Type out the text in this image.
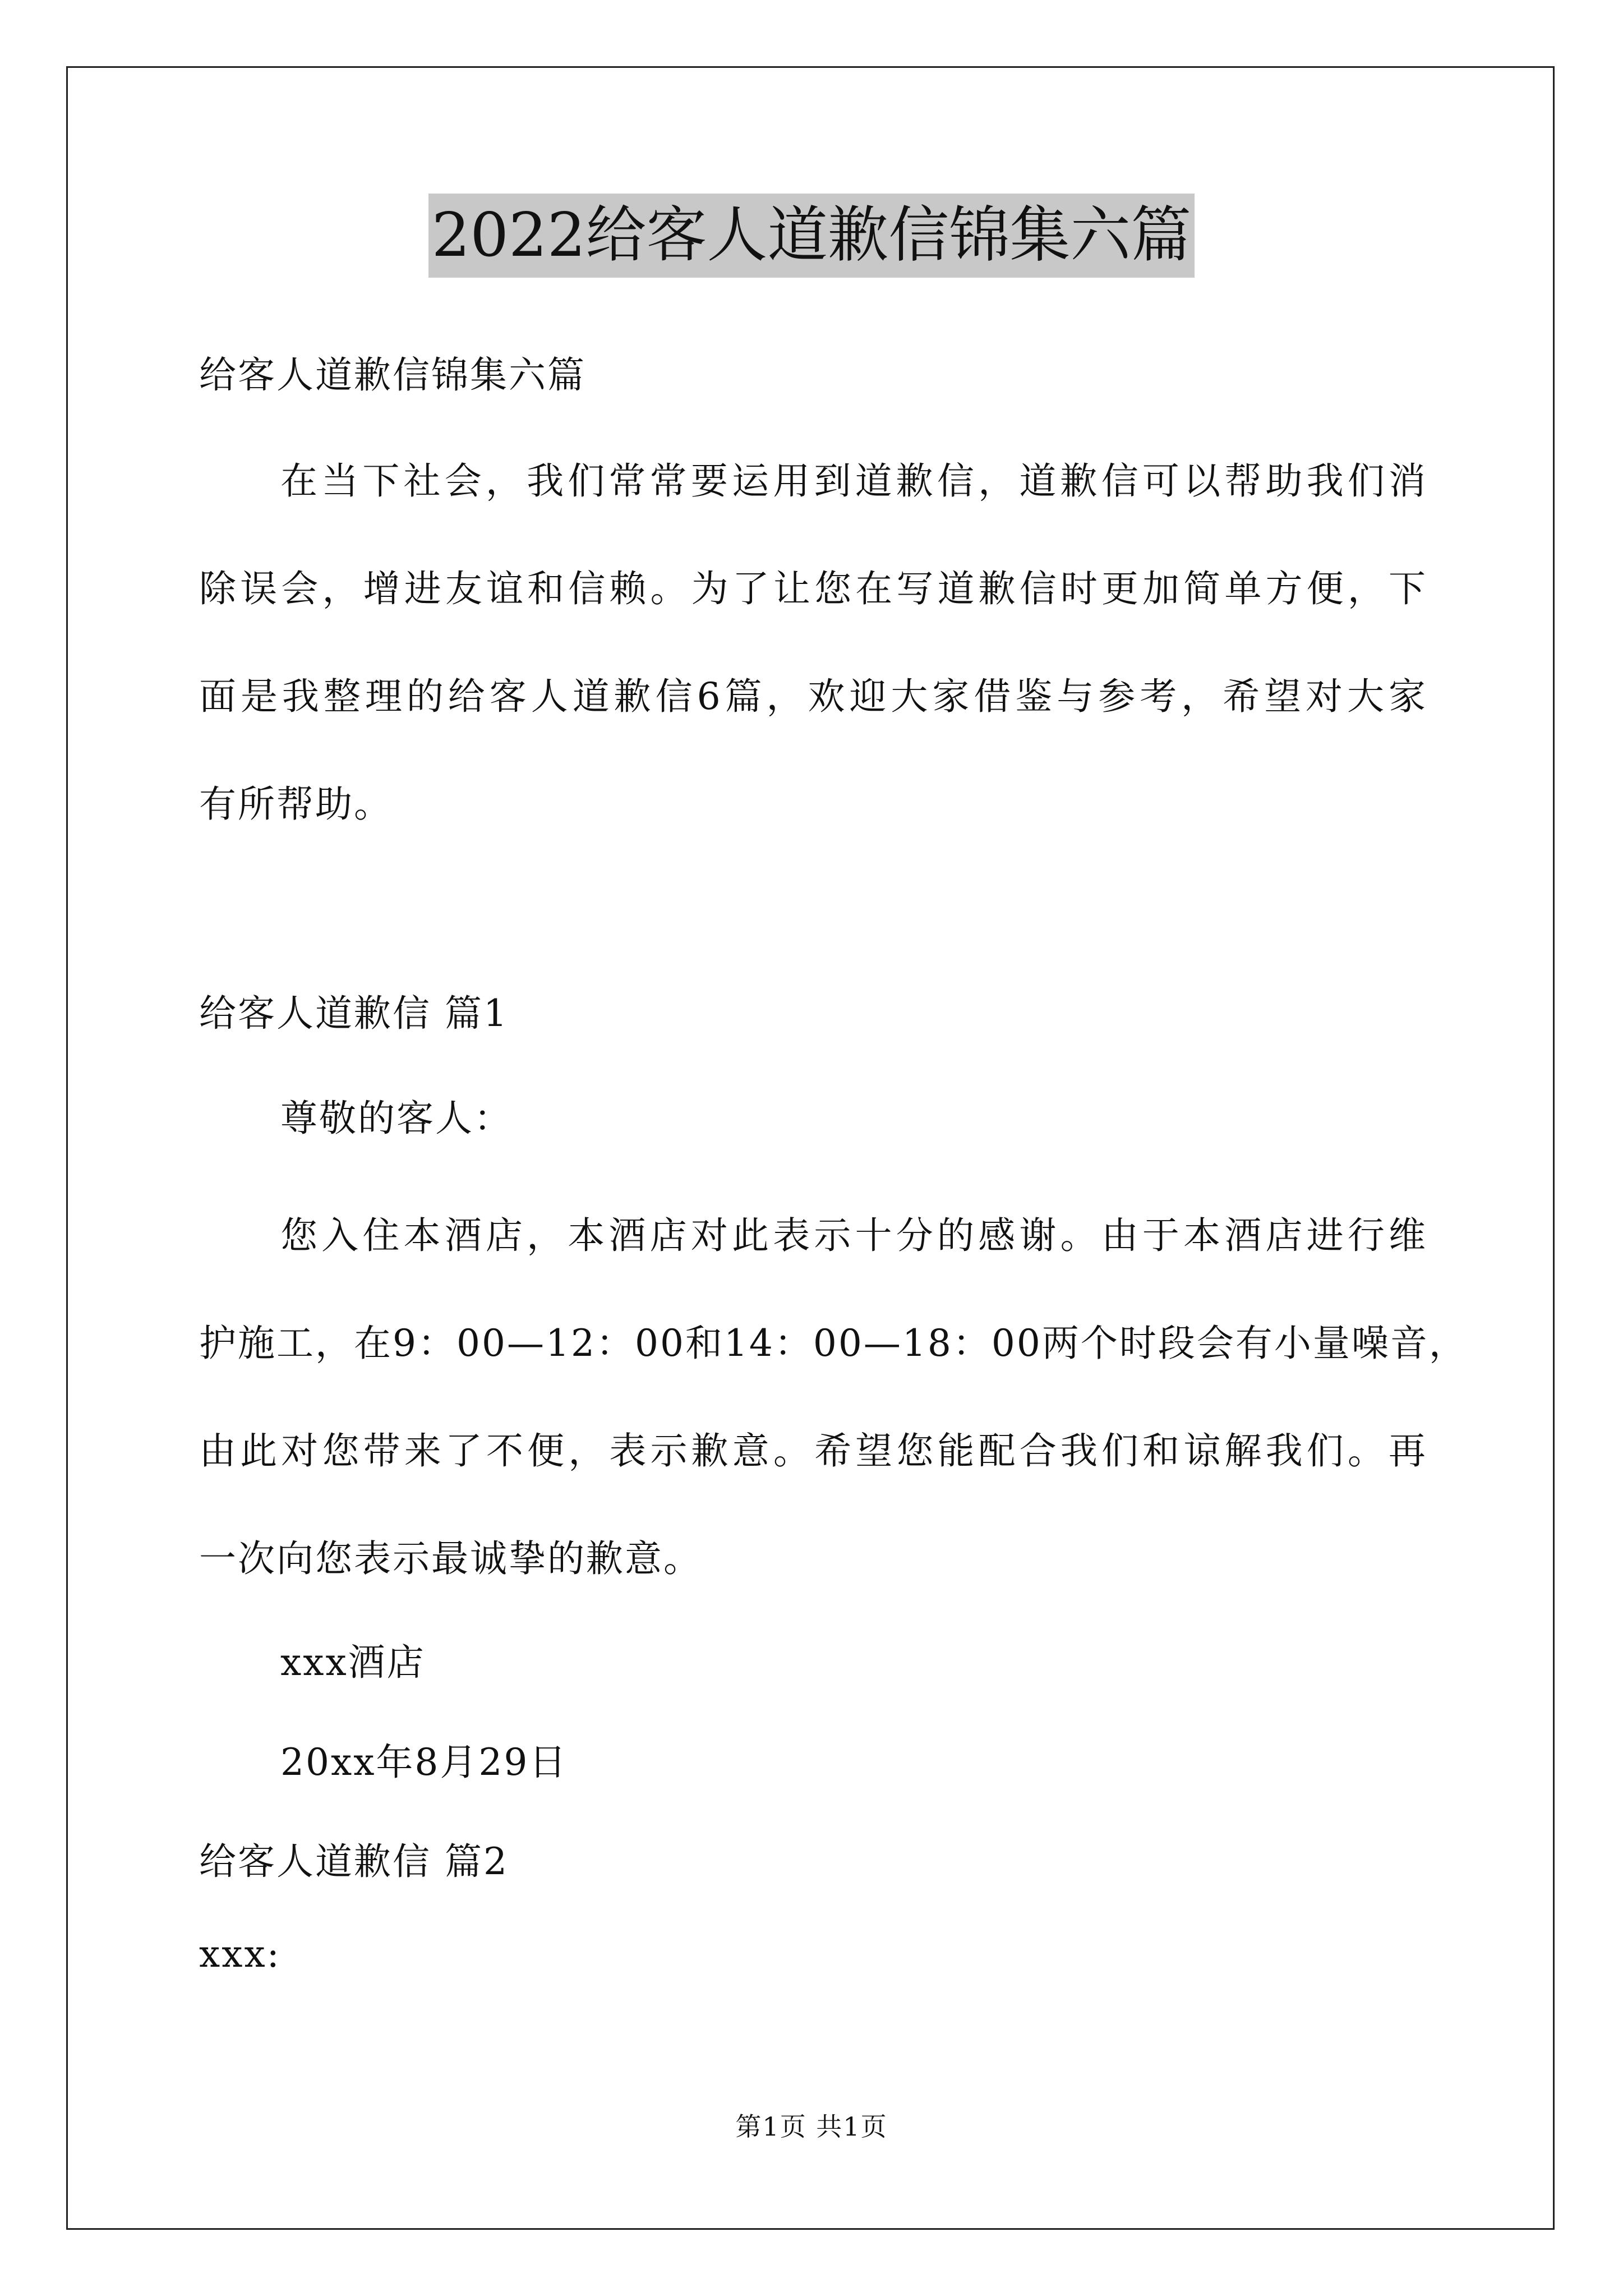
2022给客人道歉信锦集六篇
给客人道歉信锦集六篇
在当下社会，我们常常要运用到道歉信，道歉信可以帮助我们消
除误会，增进友谊和信赖。为了让您在写道歉信时更加简单方便，下
面是我整理的给客人道歉信6篇，欢迎大家借鉴与参考，希望对大家
有所帮助。
给客人道歉信 篇1
尊敬的客人：
您入住本酒店，本酒店对此表示十分的感谢。由于本酒店进行维
护施工，在9：00—12：00和14：00—18：00两个时段会有小量噪音，
由此对您带来了不便，表示歉意。希望您能配合我们和谅解我们。再
一次向您表示最诚挚的歉意。
xxx酒店
20xx年8月29日
给客人道歉信 篇2
xxx:
第1页 共1页
